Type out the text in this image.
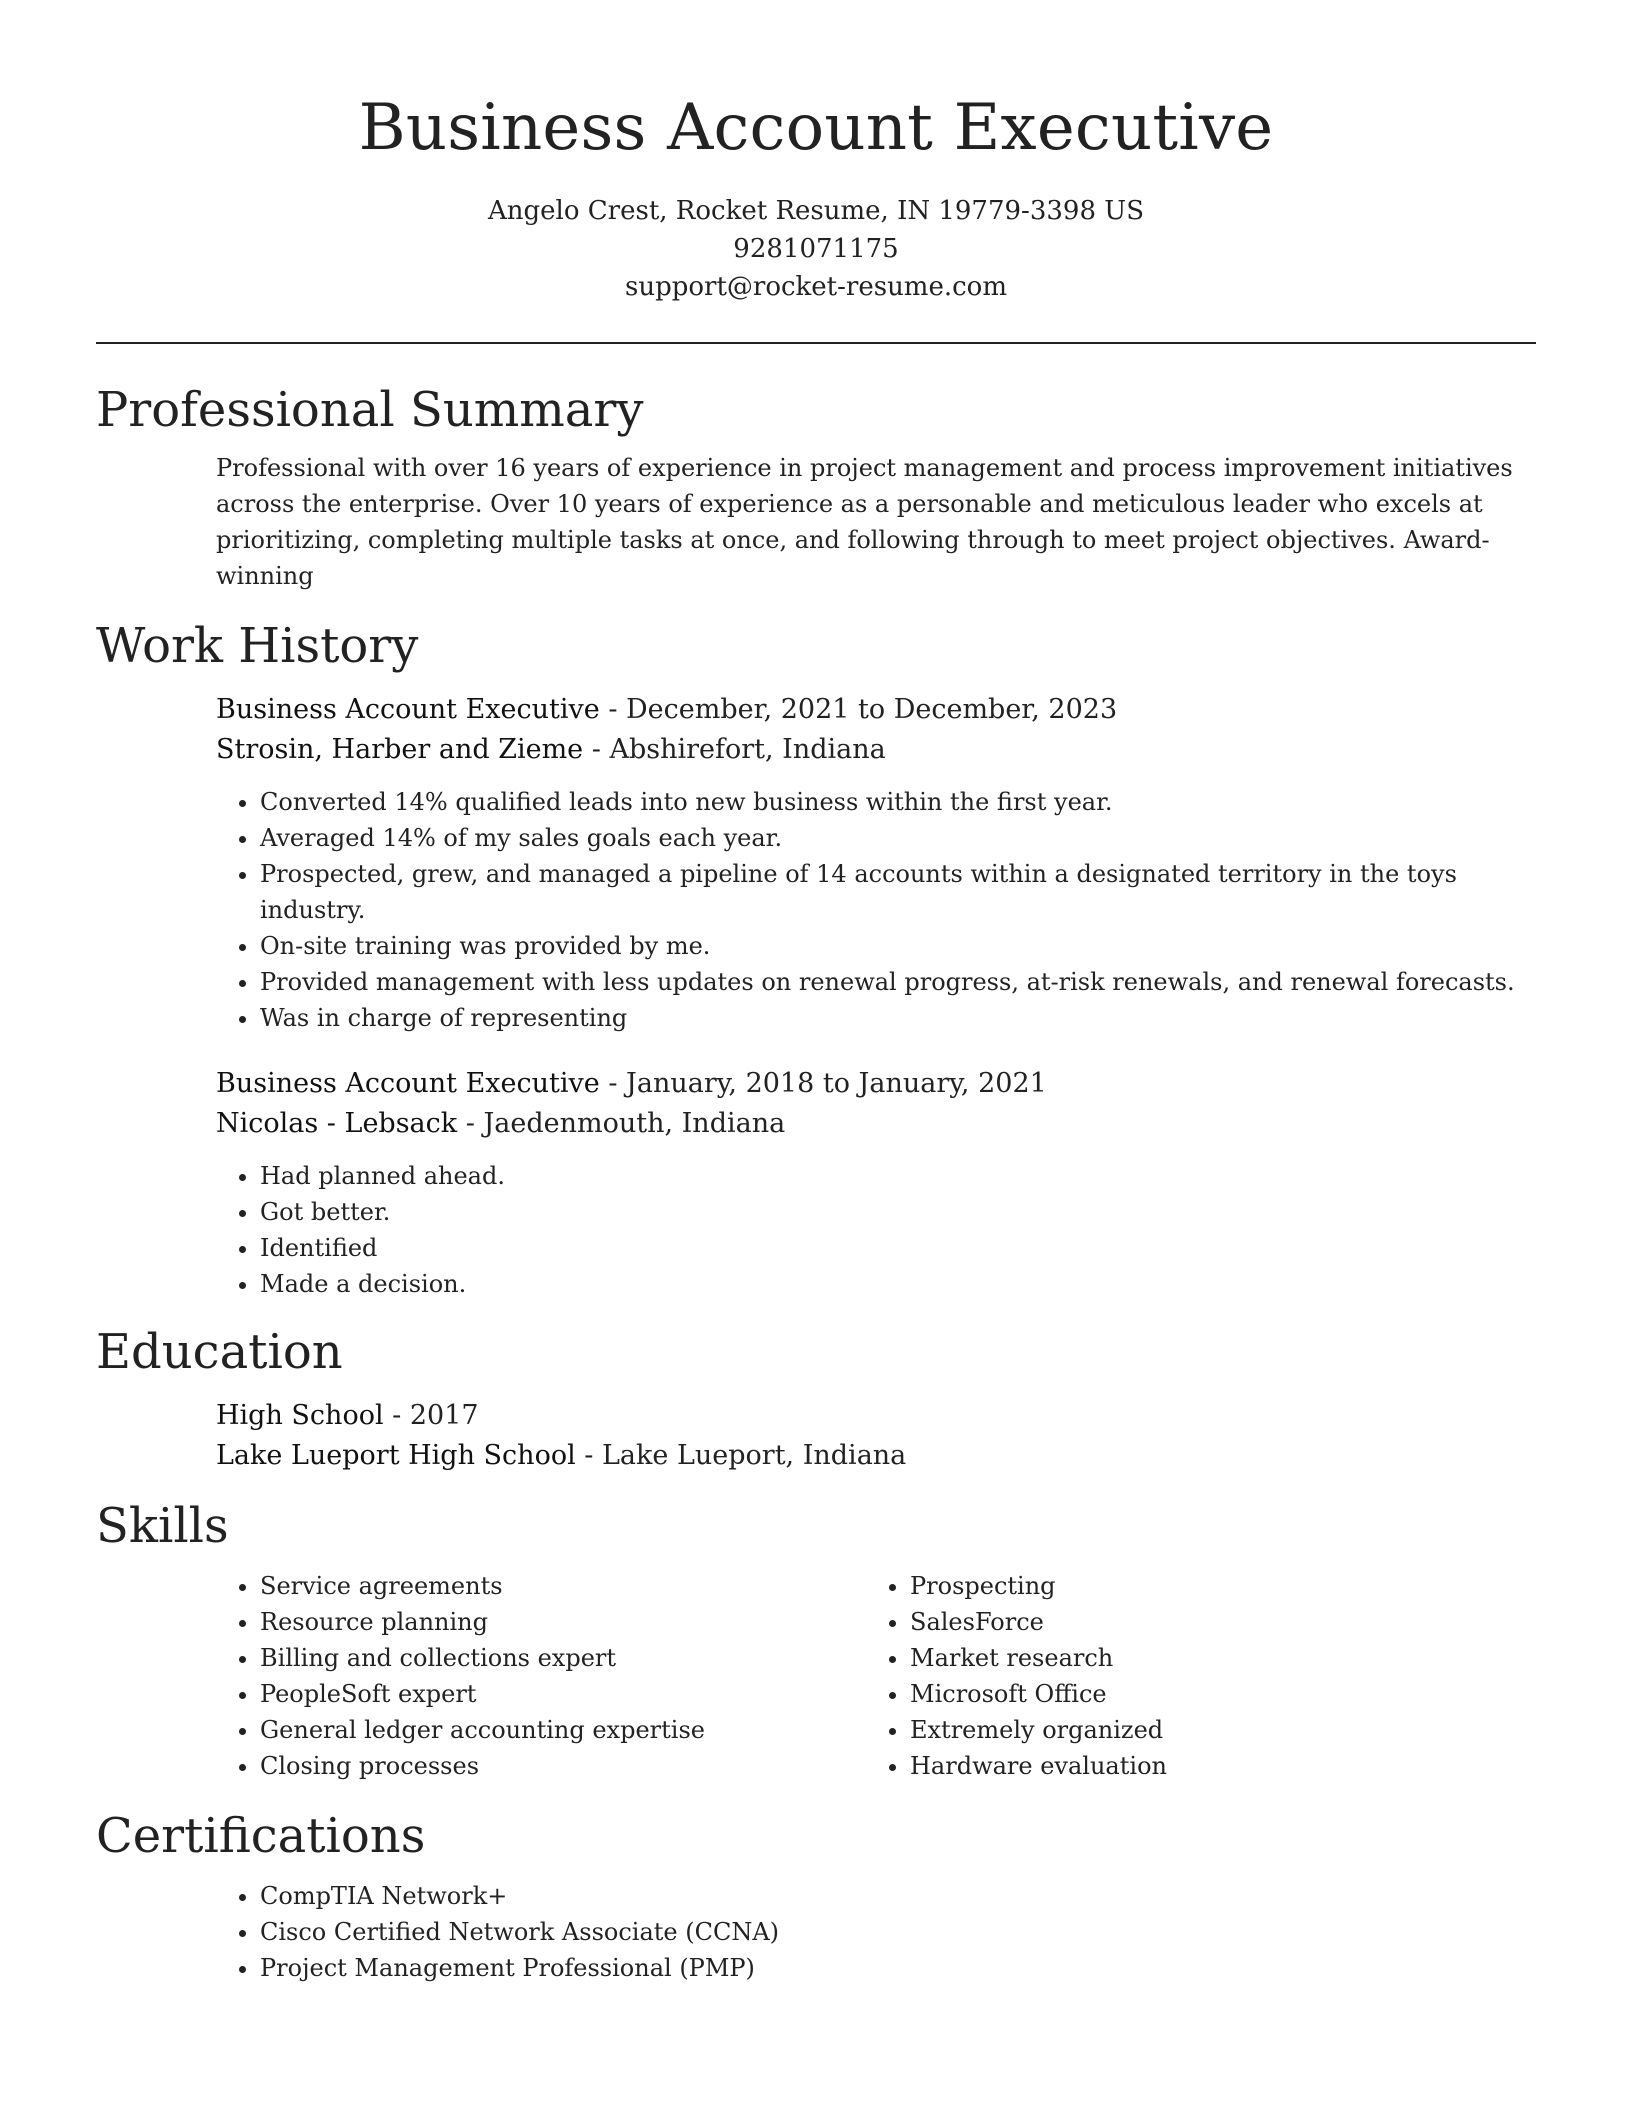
Business Account Executive
Angelo Crest, Rocket Resume, IN 19779-3398 US
9281071175
support@rocket-resume.com
Professional Summary

Professional with over 16 years of experience in project management and process improvement initiatives across the enterprise. Over 10 years of experience as a personable and meticulous leader who excels at prioritizing, completing multiple tasks at once, and following through to meet project objectives. Award-winning

Work History

Business Account Executive - December, 2021 to December, 2023

Strosin, Harber and Zieme - Abshirefort, Indiana

• Converted 14% qualified leads into new business within the first year.
• Averaged 14% of my sales goals each year.
• Prospected, grew, and managed a pipeline of 14 accounts within a designated territory in the toys industry.
• On-site training was provided by me.
• Provided management with less updates on renewal progress, at-risk renewals, and renewal forecasts.
• Was in charge of representing

Business Account Executive - January, 2018 to January, 2021

Nicolas - Lebsack - Jaedenmouth, Indiana

• Had planned ahead.
• Got better.
• Identified
• Made a decision.
Education

High School - 2017

Lake Lueport High School - Lake Lueport, Indiana

Skills
• Service agreements
• Resource planning
• Billing and collections expert
• PeopleSoft expert
• General ledger accounting expertise
• Closing processes
• Prospecting
• SalesForce
• Market research
• Microsoft Office
• Extremely organized
• Hardware evaluation
Certifications
• CompTIA Network+
• Cisco Certified Network Associate (CCNA)
• Project Management Professional (PMP)
